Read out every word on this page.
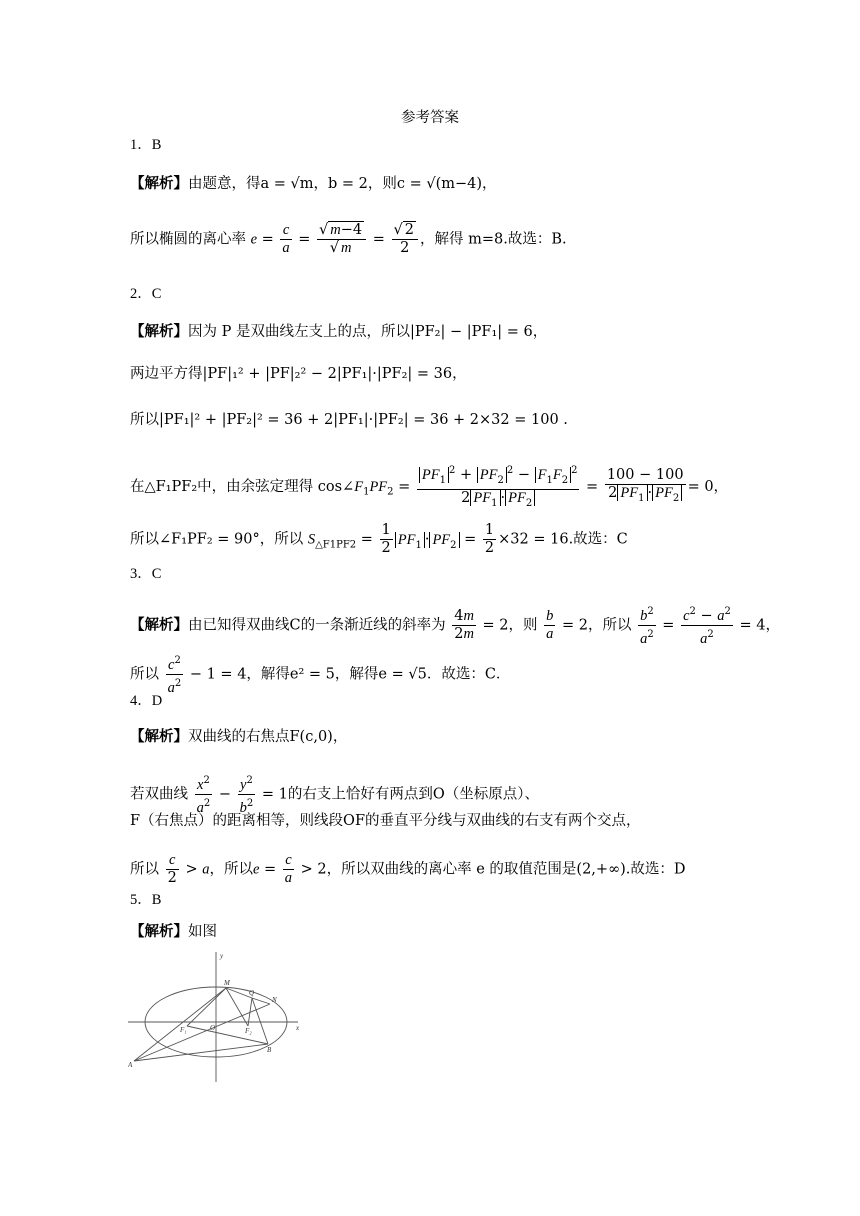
参考答案
1．B
【解析】由题意，得a = √m，b = 2，则c = √(m−4)，
所以椭圆的离心率 $e = \frac{c}{a} = \frac{√ m-4}{√ m} = \frac{√ 2}{2}$ ，解得 m=8.故选：B.
2．C
【解析】因为 P 是双曲线左支上的点，所以|PF₂| − |PF₁| = 6，
两边平方得|PF|₁² + |PF|₂² − 2|PF₁|·|PF₂| = 36，
所以|PF₁|² + |PF₂|² = 36 + 2|PF₁|·|PF₂| = 36 + 2×32 = 100 .
在△F₁PF₂中，由余弦定理得 $\cos\angle F_1PF_2 = \frac{PF_1^2 + PF_2^2 - F_1F_2^2}{2 PF_1 \cdot PF_2} = \frac{100 - 100}{2 PF_1 \cdot PF_2} = 0$，
所以∠F₁PF₂ = 90°，所以 $S_{\triangle F1PF2} = \frac{1}{2} PF_1 \cdot PF_2 = \frac{1}{2} \times 32 = 16$.故选：C
3．C
【解析】由已知得双曲线C的一条渐近线的斜率为 $\frac{4m}{2m} = 2$，则 $\frac{b}{a} = 2$，所以 $\frac{b^2}{a^2} = \frac{c^2 - a^2}{a^2} = 4$，
所以 $\frac{c^2}{a^2} - 1 = 4$，解得e² = 5，解得e = √5．故选：C．
4．D
【解析】双曲线的右焦点F(c,0)，
若双曲线 $\frac{x^2}{a^2} - \frac{y^2}{b^2} = 1$的右支上恰好有两点到O（坐标原点）、
F（右焦点）的距离相等，则线段OF的垂直平分线与双曲线的右支有两个交点，
所以 $\frac{c}{2} > a$，所以$e = \frac{c}{a} > 2$，所以双曲线的离心率 e 的取值范围是(2,+∞).故选：D
5．B
【解析】如图
y
x
M
Q
N
F₁	O	F₂
B
A
